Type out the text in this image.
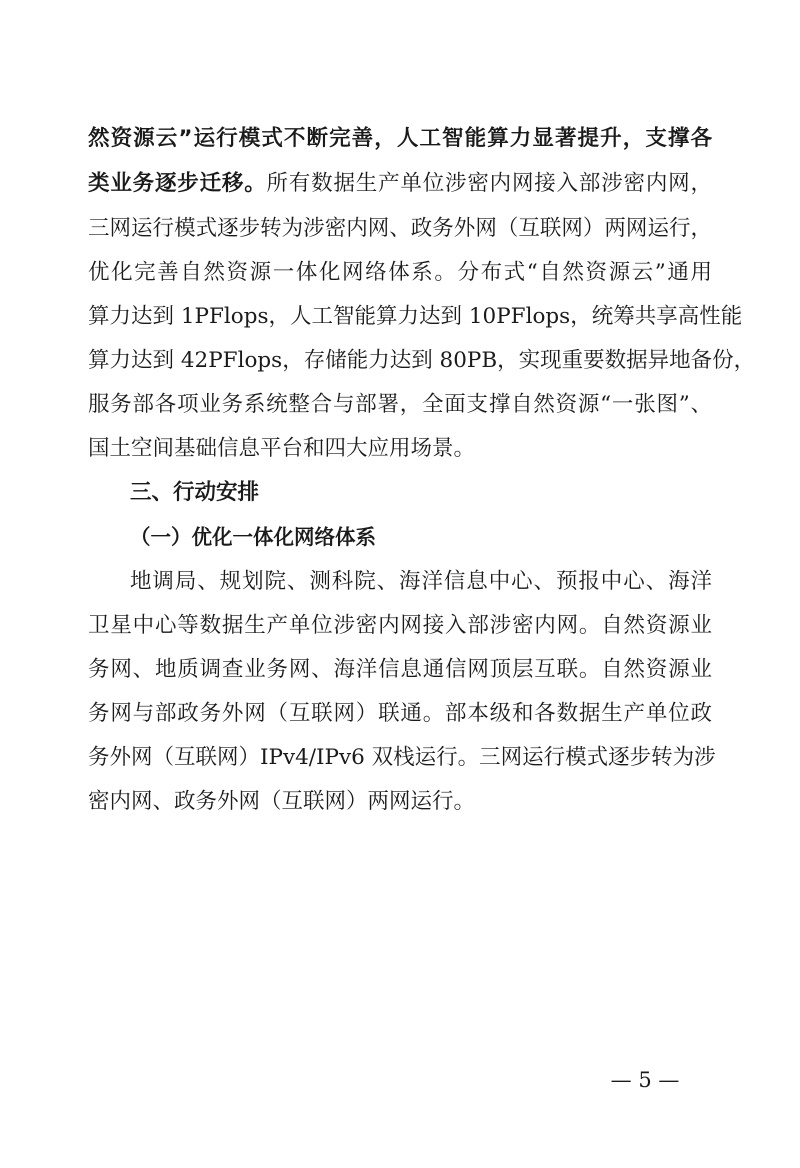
然资源云”运行模式不断完善，人工智能算力显著提升，支撑各
类业务逐步迁移。所有数据生产单位涉密内网接入部涉密内网，
三网运行模式逐步转为涉密内网、政务外网（互联网）两网运行，
优化完善自然资源一体化网络体系。分布式“自然资源云”通用
算力达到 1PFlops，人工智能算力达到 10PFlops，统筹共享高性能
算力达到 42PFlops，存储能力达到 80PB，实现重要数据异地备份，
服务部各项业务系统整合与部署，全面支撑自然资源“一张图”、
国土空间基础信息平台和四大应用场景。
三、行动安排
（一）优化一体化网络体系
地调局、规划院、测科院、海洋信息中心、预报中心、海洋
卫星中心等数据生产单位涉密内网接入部涉密内网。自然资源业
务网、地质调查业务网、海洋信息通信网顶层互联。自然资源业
务网与部政务外网（互联网）联通。部本级和各数据生产单位政
务外网（互联网）IPv4/IPv6 双栈运行。三网运行模式逐步转为涉
密内网、政务外网（互联网）两网运行。
— 5 —
